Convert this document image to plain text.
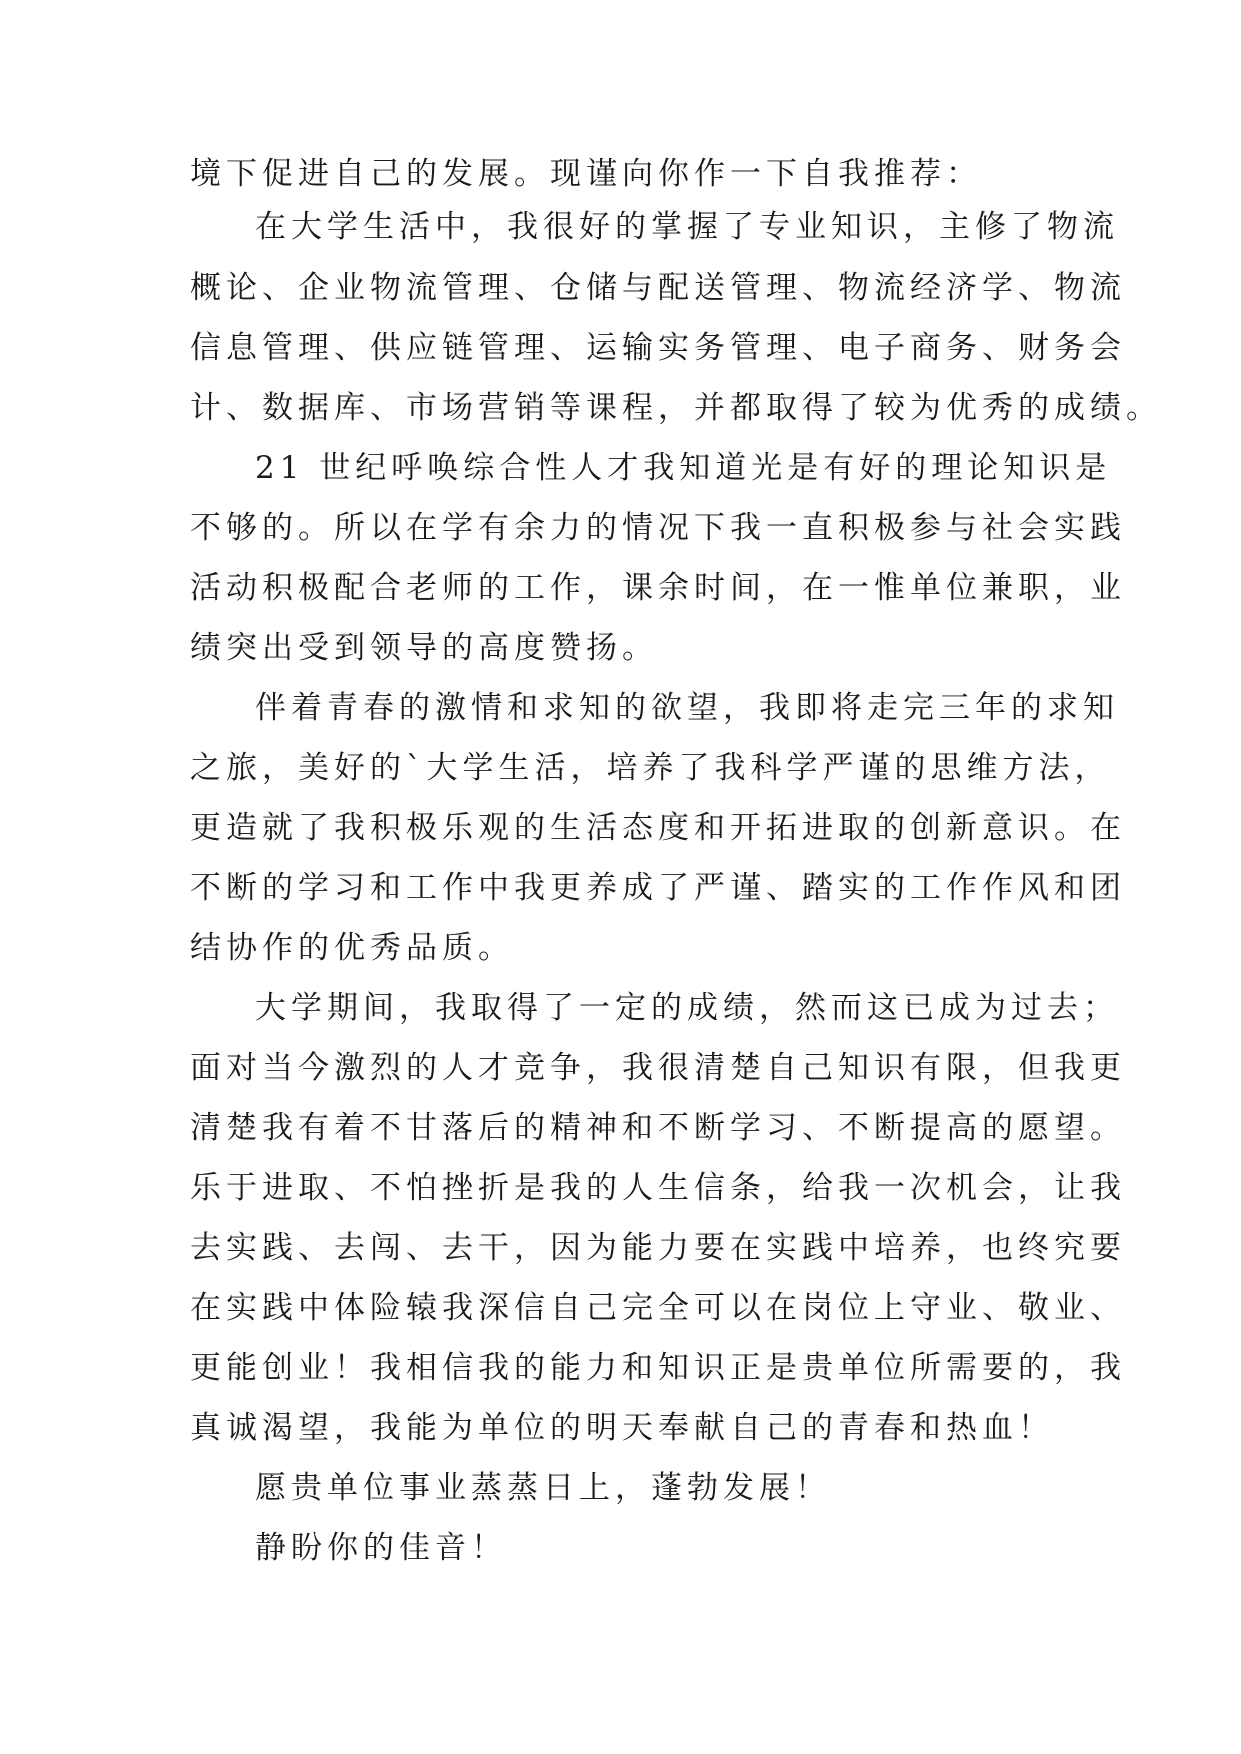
境下促进自己的发展。现谨向你作一下自我推荐：
在大学生活中，我很好的掌握了专业知识，主修了物流
概论、企业物流管理、仓储与配送管理、物流经济学、物流
信息管理、供应链管理、运输实务管理、电子商务、财务会
计、数据库、市场营销等课程，并都取得了较为优秀的成绩。
21 世纪呼唤综合性人才我知道光是有好的理论知识是
不够的。所以在学有余力的情况下我一直积极参与社会实践
活动积极配合老师的工作，课余时间，在一惟单位兼职，业
绩突出受到领导的高度赞扬。
伴着青春的激情和求知的欲望，我即将走完三年的求知
之旅，美好的`大学生活，培养了我科学严谨的思维方法，
更造就了我积极乐观的生活态度和开拓进取的创新意识。在
不断的学习和工作中我更养成了严谨、踏实的工作作风和团
结协作的优秀品质。
大学期间，我取得了一定的成绩，然而这已成为过去；
面对当今激烈的人才竞争，我很清楚自己知识有限，但我更
清楚我有着不甘落后的精神和不断学习、不断提高的愿望。
乐于进取、不怕挫折是我的人生信条，给我一次机会，让我
去实践、去闯、去干，因为能力要在实践中培养，也终究要
在实践中体险辕我深信自己完全可以在岗位上守业、敬业、
更能创业！我相信我的能力和知识正是贵单位所需要的，我
真诚渴望，我能为单位的明天奉献自己的青春和热血！
愿贵单位事业蒸蒸日上，蓬勃发展！
静盼你的佳音！
